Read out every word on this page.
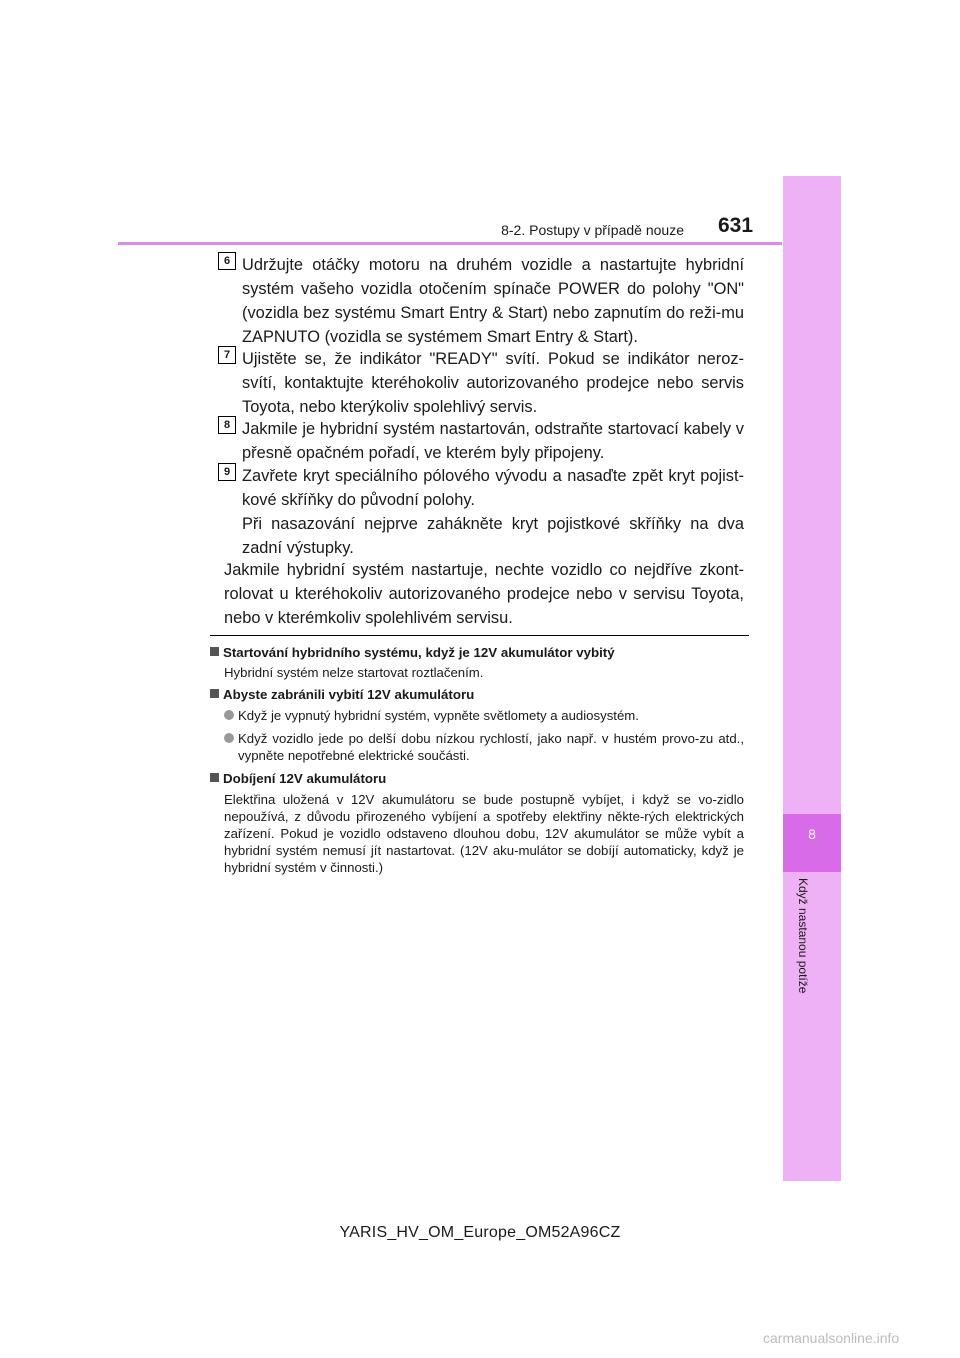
8-2. Postupy v případě nouze 631
8
Když nastanou potíže
6 Udržujte otáčky motoru na druhém vozidle a nastartujte hybridní systém vašeho vozidla otočením spínače POWER do polohy "ON" (vozidla bez systému Smart Entry & Start) nebo zapnutím do reži-mu ZAPNUTO (vozidla se systémem Smart Entry & Start).
7 Ujistěte se, že indikátor "READY" svítí. Pokud se indikátor neroz-svítí, kontaktujte kteréhokoliv autorizovaného prodejce nebo servis Toyota, nebo kterýkoliv spolehlivý servis.
8 Jakmile je hybridní systém nastartován, odstraňte startovací kabely v přesně opačném pořadí, ve kterém byly připojeny.
9 Zavřete kryt speciálního pólového vývodu a nasaďte zpět kryt pojist-kové skříňky do původní polohy.
Při nasazování nejprve zahákněte kryt pojistkové skříňky na dva zadní výstupky.
Jakmile hybridní systém nastartuje, nechte vozidlo co nejdříve zkont-rolovat u kteréhokoliv autorizovaného prodejce nebo v servisu Toyota, nebo v kterémkoliv spolehlivém servisu.
Startování hybridního systému, když je 12V akumulátor vybitý
Hybridní systém nelze startovat roztlačením.
Abyste zabránili vybití 12V akumulátoru
Když je vypnutý hybridní systém, vypněte světlomety a audiosystém.
Když vozidlo jede po delší dobu nízkou rychlostí, jako např. v hustém provo-zu atd., vypněte nepotřebné elektrické součásti.
Dobíjení 12V akumulátoru
Elektřina uložená v 12V akumulátoru se bude postupně vybíjet, i když se vo-zidlo nepoužívá, z důvodu přirozeného vybíjení a spotřeby elektřiny někte-rých elektrických zařízení. Pokud je vozidlo odstaveno dlouhou dobu, 12V akumulátor se může vybít a hybridní systém nemusí jít nastartovat. (12V aku-mulátor se dobíjí automaticky, když je hybridní systém v činnosti.)
YARIS_HV_OM_Europe_OM52A96CZ
carmanualsonline.info
